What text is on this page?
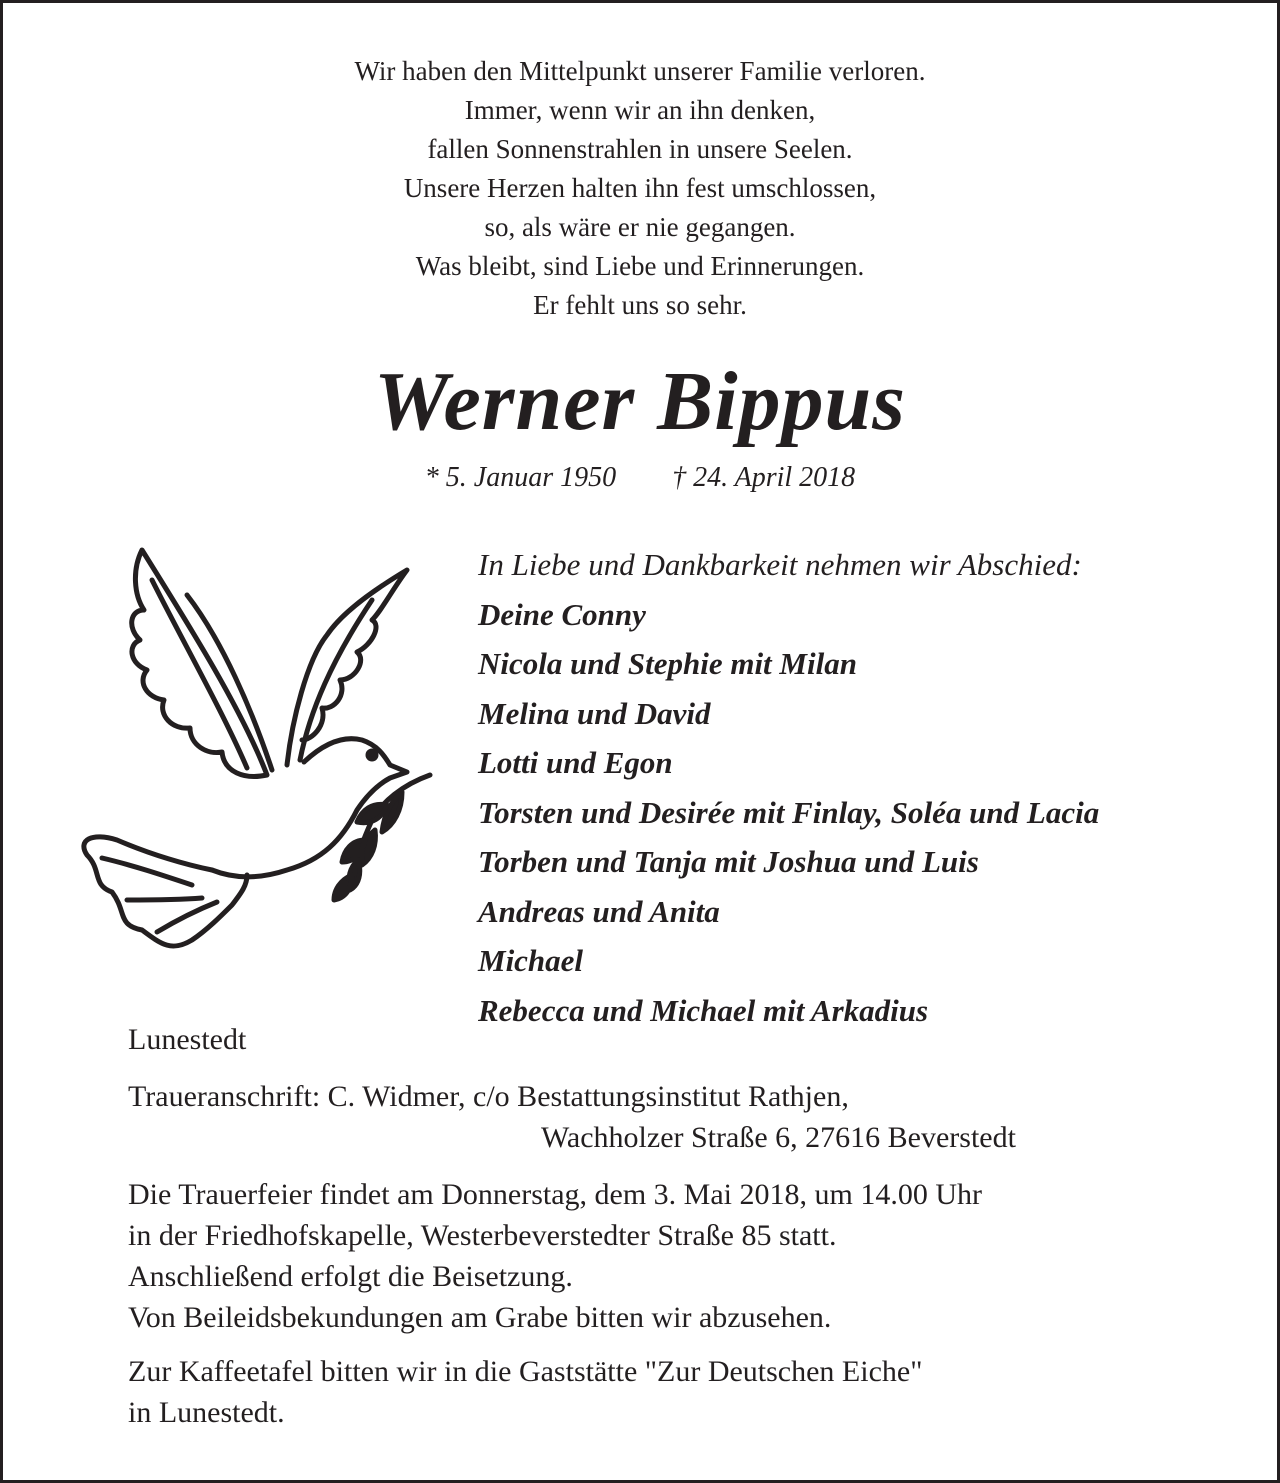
Wir haben den Mittelpunkt unserer Familie verloren.
Immer, wenn wir an ihn denken,
fallen Sonnenstrahlen in unsere Seelen.
Unsere Herzen halten ihn fest umschlossen,
so, als wäre er nie gegangen.
Was bleibt, sind Liebe und Erinnerungen.
Er fehlt uns so sehr.
Werner Bippus
* 5. Januar 1950 † 24. April 2018
In Liebe und Dankbarkeit nehmen wir Abschied:
Deine Conny
Nicola und Stephie mit Milan
Melina und David
Lotti und Egon
Torsten und Desirée mit Finlay, Soléa und Lacia
Torben und Tanja mit Joshua und Luis
Andreas und Anita
Michael
Rebecca und Michael mit Arkadius
Lunestedt
Traueranschrift: C. Widmer, c/o Bestattungsinstitut Rathjen,
Wachholzer Straße 6, 27616 Beverstedt
Die Trauerfeier findet am Donnerstag, dem 3. Mai 2018, um 14.00 Uhr
in der Friedhofskapelle, Westerbeverstedter Straße 85 statt.
Anschließend erfolgt die Beisetzung.
Von Beileidsbekundungen am Grabe bitten wir abzusehen.
Zur Kaffeetafel bitten wir in die Gaststätte "Zur Deutschen Eiche"
in Lunestedt.
